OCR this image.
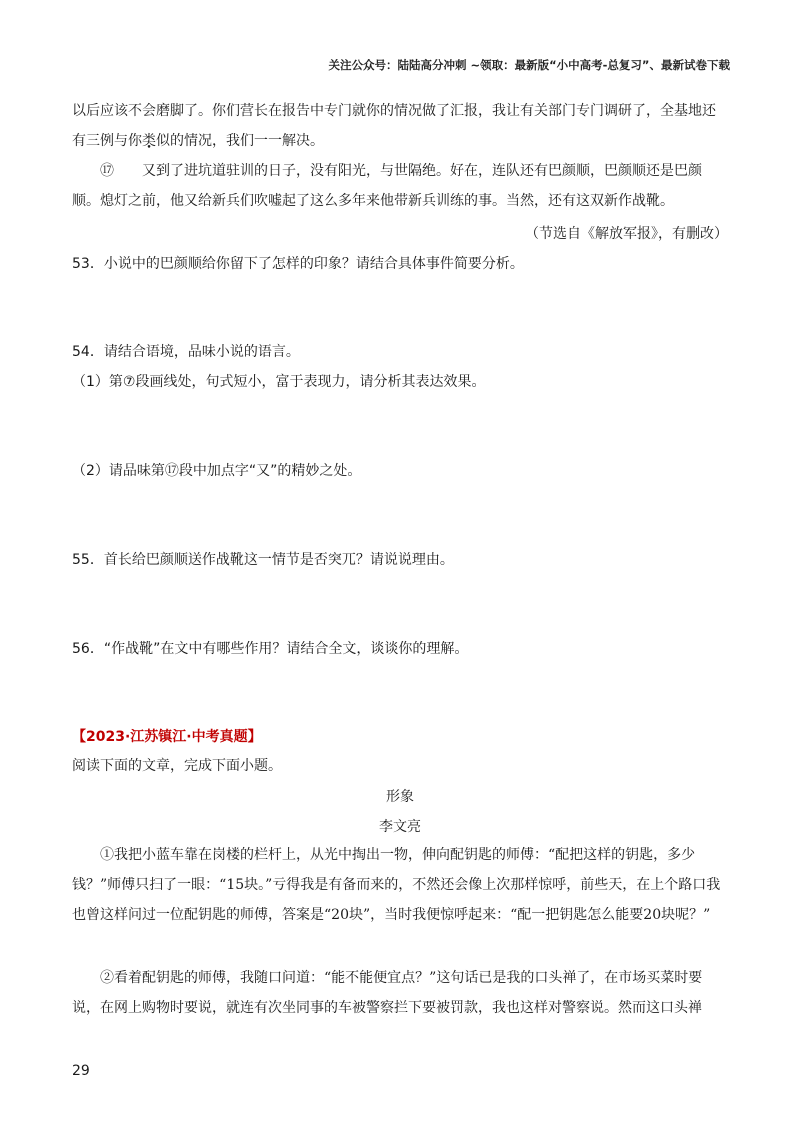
关注公众号：陆陆高分冲刺 ~领取：最新版“小中高考-总复习”、最新试卷下载
以后应该不会磨脚了。你们营长在报告中专门就你的情况做了汇报，我让有关部门专门调研了，全基地还有三例与你类似的情况，我们一一解决。
⑰ 又到了进坑道驻训的日子，没有阳光，与世隔绝。好在，连队还有巴颜顺，巴颜顺还是巴颜顺。熄灯之前，他又给新兵们吹嘘起了这么多年来他带新兵训练的事。当然，还有这双新作战靴。
（节选自《解放军报》，有删改）
53．小说中的巴颜顺给你留下了怎样的印象？请结合具体事件简要分析。
54．请结合语境，品味小说的语言。
（1）第⑦段画线处，句式短小，富于表现力，请分析其表达效果。
（2）请品味第⑰段中加点字“又”的精妙之处。
55．首长给巴颜顺送作战靴这一情节是否突兀？请说说理由。
56．“作战靴”在文中有哪些作用？请结合全文，谈谈你的理解。
【2023·江苏镇江·中考真题】
阅读下面的文章，完成下面小题。
形象
李文亮
①我把小蓝车靠在岗楼的栏杆上，从光中掏出一物，伸向配钥匙的师傅：“配把这样的钥匙，多少钱？”师傅只扫了一眼：“15块。”亏得我是有备而来的，不然还会像上次那样惊呼，前些天，在上个路口我也曾这样问过一位配钥匙的师傅，答案是“20块”，当时我便惊呼起来：“配一把钥匙怎么能要20块呢？”
②看着配钥匙的师傅，我随口问道：“能不能便宜点？”这句话已是我的口头禅了，在市场买菜时要说，在网上购物时要说，就连有次坐同事的车被警察拦下要被罚款，我也这样对警察说。然而这口头禅
29
